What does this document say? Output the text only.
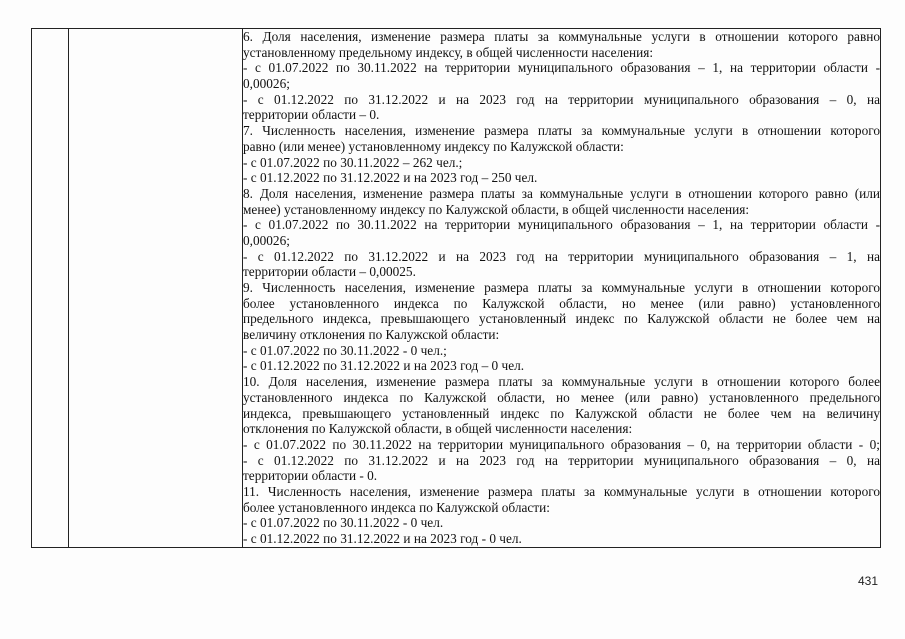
6. Доля населения, изменение размера платы за коммунальные услуги в отношении которого равно
установленному предельному индексу, в общей численности населения:
- с 01.07.2022 по 30.11.2022 на территории муниципального образования – 1, на территории области -
0,00026;
- с 01.12.2022 по 31.12.2022 и на 2023 год на территории муниципального образования – 0, на
территории области – 0.
7. Численность населения, изменение размера платы за коммунальные услуги в отношении которого
равно (или менее) установленному индексу по Калужской области:
- с 01.07.2022 по 30.11.2022 – 262 чел.;
- с 01.12.2022 по 31.12.2022 и на 2023 год – 250 чел.
8. Доля населения, изменение размера платы за коммунальные услуги в отношении которого равно (или
менее) установленному индексу по Калужской области, в общей численности населения:
- с 01.07.2022 по 30.11.2022 на территории муниципального образования – 1, на территории области -
0,00026;
- с 01.12.2022 по 31.12.2022 и на 2023 год на территории муниципального образования – 1, на
территории области – 0,00025.
9. Численность населения, изменение размера платы за коммунальные услуги в отношении которого
более установленного индекса по Калужской области, но менее (или равно) установленного
предельного индекса, превышающего установленный индекс по Калужской области не более чем на
величину отклонения по Калужской области:
- с 01.07.2022 по 30.11.2022 - 0 чел.;
- с 01.12.2022 по 31.12.2022 и на 2023 год – 0 чел.
10. Доля населения, изменение размера платы за коммунальные услуги в отношении которого более
установленного индекса по Калужской области, но менее (или равно) установленного предельного
индекса, превышающего установленный индекс по Калужской области не более чем на величину
отклонения по Калужской области, в общей численности населения:
- с 01.07.2022 по 30.11.2022 на территории муниципального образования – 0, на территории области - 0;
- с 01.12.2022 по 31.12.2022 и на 2023 год на территории муниципального образования – 0, на
территории области - 0.
11. Численность населения, изменение размера платы за коммунальные услуги в отношении которого
более установленного индекса по Калужской области:
- с 01.07.2022 по 30.11.2022 - 0 чел.
- с 01.12.2022 по 31.12.2022 и на 2023 год - 0 чел.
431
